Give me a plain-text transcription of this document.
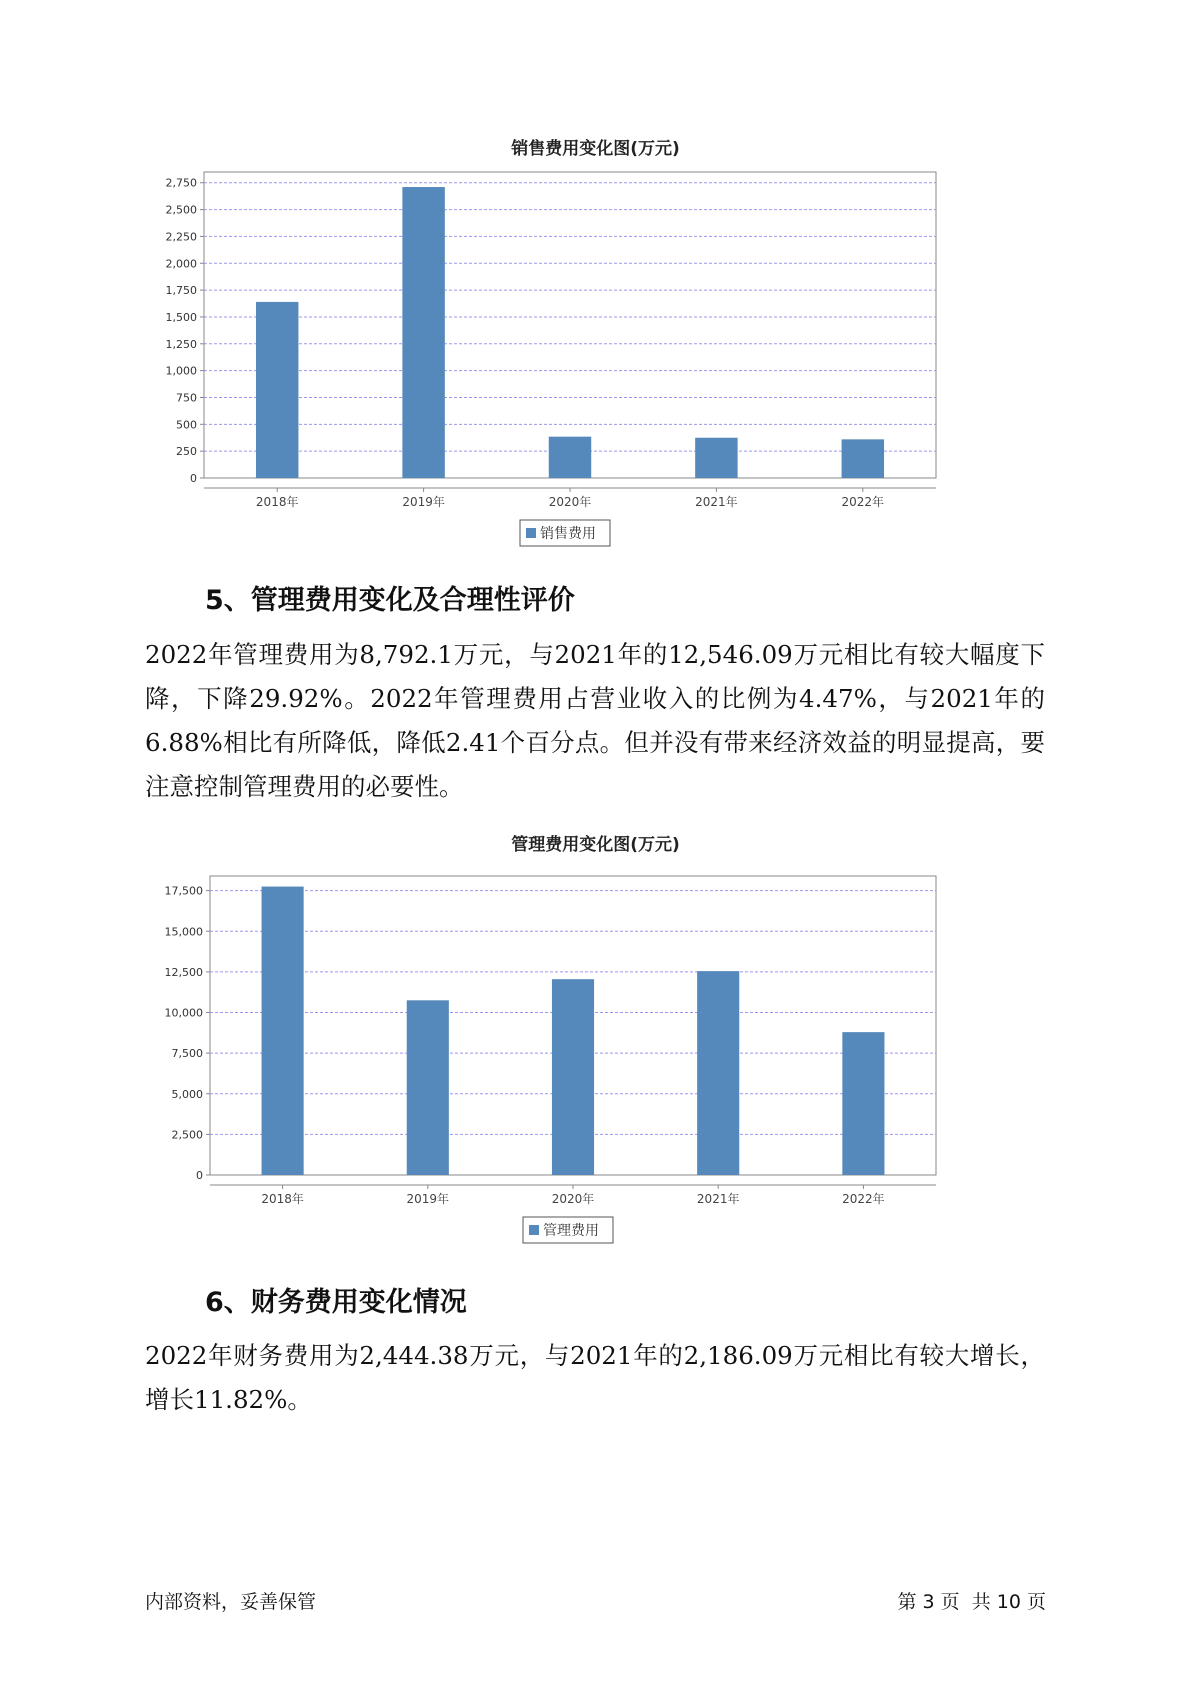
销售费用变化图(万元)
0
250
500
750
1,000
1,250
1,500
1,750
2,000
2,250
2,500
2,750
2018年	2019年	2020年	2021年	2022年
销售费用
5、管理费用变化及合理性评价

2022年管理费用为8,792.1万元，与2021年的12,546.09万元相比有较大幅度下降，下降29.92%。2022年管理费用占营业收入的比例为4.47%，与2021年的6.88%相比有所降低，降低2.41个百分点。但并没有带来经济效益的明显提高，要注意控制管理费用的必要性。

管理费用变化图(万元)
0
2,500
5,000
7,500
10,000
12,500
15,000
17,500
2018年	2019年	2020年	2021年	2022年
管理费用
6、财务费用变化情况

2022年财务费用为2,444.38万元，与2021年的2,186.09万元相比有较大增长，增长11.82%。

内部资料，妥善保管	第 3 页  共 10 页
